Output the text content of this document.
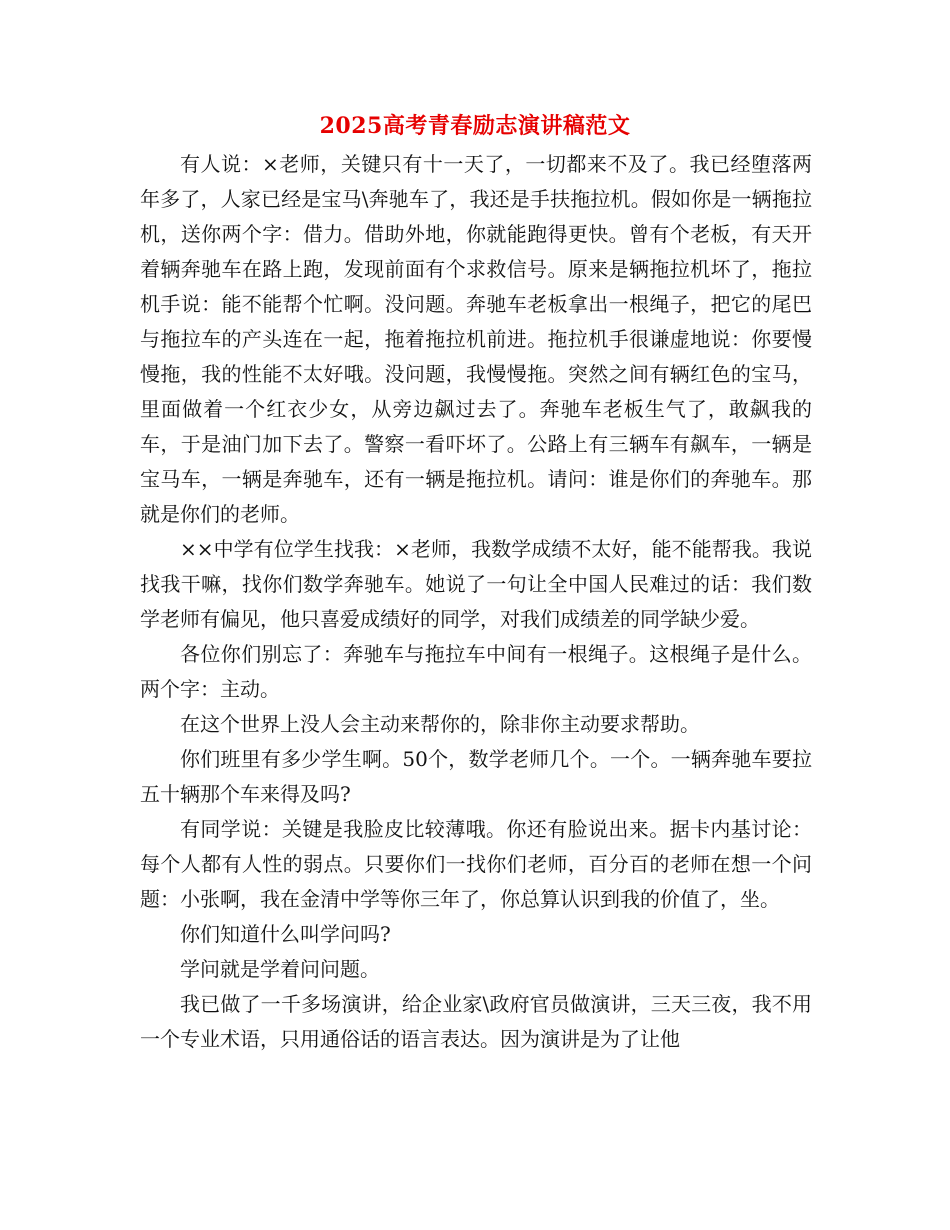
2025高考青春励志演讲稿范文

有人说：×老师，关键只有十一天了，一切都来不及了。我已经堕落两年多了，人家已经是宝马\奔驰车了，我还是手扶拖拉机。假如你是一辆拖拉机，送你两个字：借力。借助外地，你就能跑得更快。曾有个老板，有天开着辆奔驰车在路上跑，发现前面有个求救信号。原来是辆拖拉机坏了，拖拉机手说：能不能帮个忙啊。没问题。奔驰车老板拿出一根绳子，把它的尾巴与拖拉车的产头连在一起，拖着拖拉机前进。拖拉机手很谦虚地说：你要慢慢拖，我的性能不太好哦。没问题，我慢慢拖。突然之间有辆红色的宝马，里面做着一个红衣少女，从旁边飙过去了。奔驰车老板生气了，敢飙我的车，于是油门加下去了。警察一看吓坏了。公路上有三辆车有飙车，一辆是宝马车，一辆是奔驰车，还有一辆是拖拉机。请问：谁是你们的奔驰车。那就是你们的老师。

××中学有位学生找我：×老师，我数学成绩不太好，能不能帮我。我说找我干嘛，找你们数学奔驰车。她说了一句让全中国人民难过的话：我们数学老师有偏见，他只喜爱成绩好的同学，对我们成绩差的同学缺少爱。

各位你们别忘了：奔驰车与拖拉车中间有一根绳子。这根绳子是什么。两个字：主动。

在这个世界上没人会主动来帮你的，除非你主动要求帮助。

你们班里有多少学生啊。50个，数学老师几个。一个。一辆奔驰车要拉五十辆那个车来得及吗?

有同学说：关键是我脸皮比较薄哦。你还有脸说出来。据卡内基讨论：每个人都有人性的弱点。只要你们一找你们老师，百分百的老师在想一个问题：小张啊，我在金清中学等你三年了，你总算认识到我的价值了，坐。

你们知道什么叫学问吗?

学问就是学着问问题。

我已做了一千多场演讲，给企业家\政府官员做演讲，三天三夜，我不用一个专业术语，只用通俗话的语言表达。因为演讲是为了让他
